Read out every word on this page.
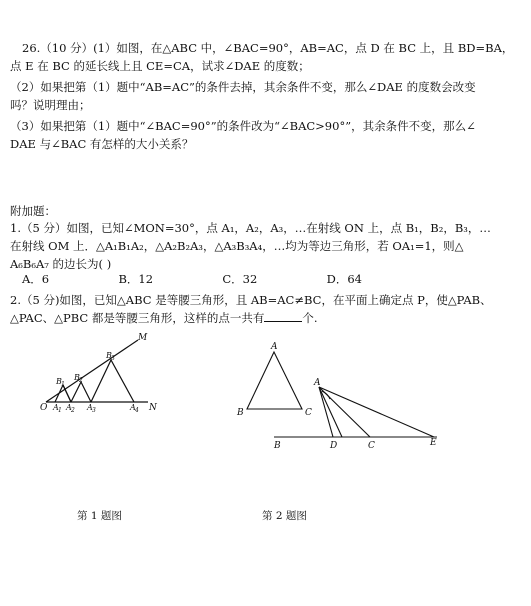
26.（10 分）(1）如图，在△ABC 中，∠BAC=90°，AB=AC，点 D 在 BC 上，且 BD=BA，
点 E 在 BC 的延长线上且 CE=CA，试求∠DAE 的度数；
（2）如果把第（1）题中“AB=AC”的条件去掉，其余条件不变，那么∠DAE 的度数会改变
吗？说明理由；
（3）如果把第（1）题中“∠BAC=90°”的条件改为“∠BAC>90°”，其余条件不变，那么∠
DAE 与∠BAC 有怎样的大小关系？
附加题：
1.（5 分）如图，已知∠MON=30°，点 A₁，A₂，A₃，…在射线 ON 上，点 B₁，B₂，B₃，…
在射线 OM 上．△A₁B₁A₂，△A₂B₂A₃，△A₃B₃A₄，…均为等边三角形，若 OA₁=1，则△
A₆B₆A₇ 的边长为( )
A．6	B．12	C．32	D．64
2.（5 分)如图，已知△ABC 是等腰三角形，且 AB=AC≠BC，在平面上确定点 P，使△PAB、
△PAC、△PBC 都是等腰三角形，这样的点一共有	个.
O A 1 A 2 A 3	A 4 N
M
B 1
B 2
B 3
A
B	C
A
B	D	C	E
第 1 题图	第 2 题图
